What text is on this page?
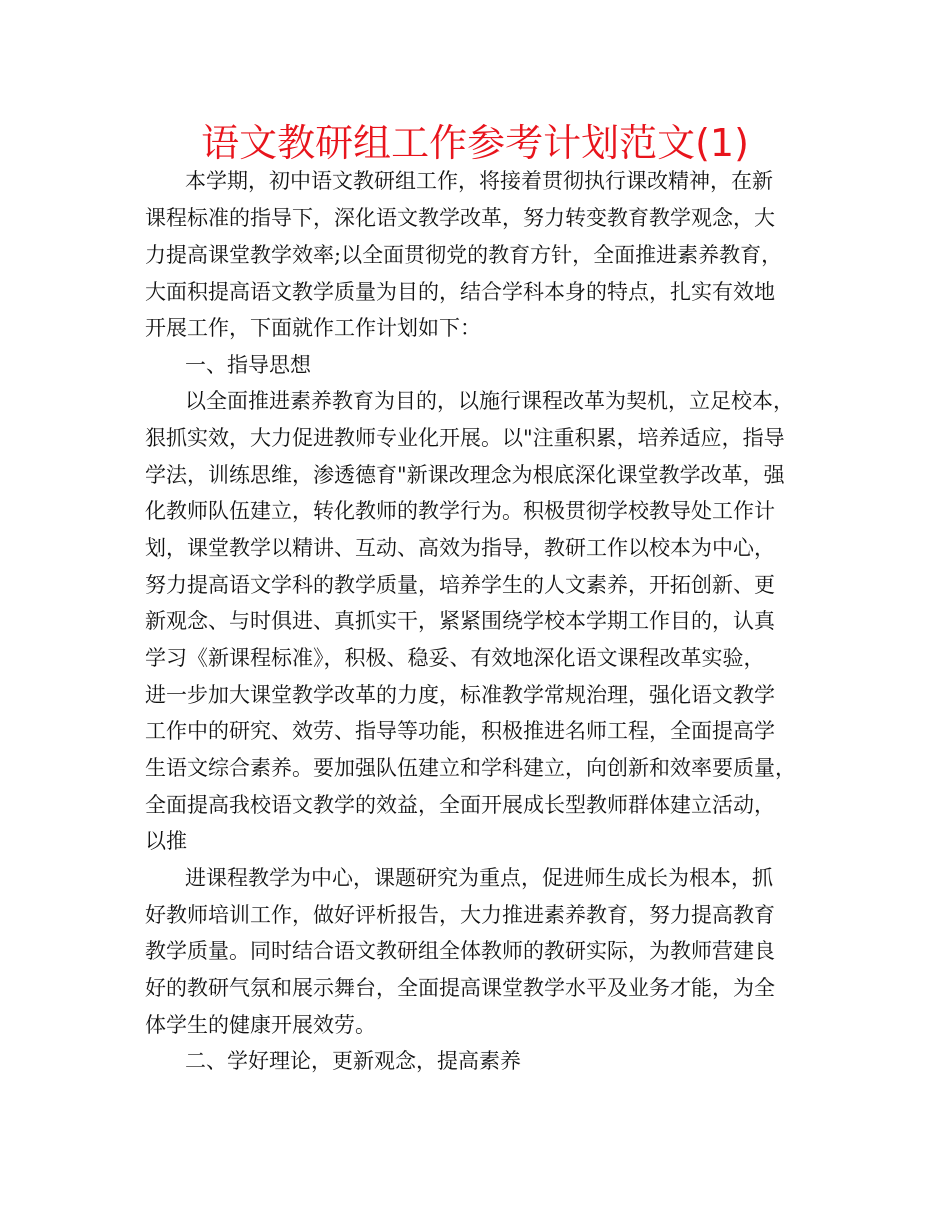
语文教研组工作参考计划范文(1)

本学期，初中语文教研组工作，将接着贯彻执行课改精神，在新

课程标准的指导下，深化语文教学改革，努力转变教育教学观念，大

力提高课堂教学效率;以全面贯彻党的教育方针，全面推进素养教育，

大面积提高语文教学质量为目的，结合学科本身的特点，扎实有效地

开展工作，下面就作工作计划如下：

一、指导思想

以全面推进素养教育为目的，以施行课程改革为契机，立足校本，

狠抓实效，大力促进教师专业化开展。以"注重积累，培养适应，指导

学法，训练思维，渗透德育"新课改理念为根底深化课堂教学改革，强

化教师队伍建立，转化教师的教学行为。积极贯彻学校教导处工作计

划，课堂教学以精讲、互动、高效为指导，教研工作以校本为中心，

努力提高语文学科的教学质量，培养学生的人文素养，开拓创新、更

新观念、与时俱进、真抓实干，紧紧围绕学校本学期工作目的，认真

学习《新课程标准》，积极、稳妥、有效地深化语文课程改革实验，

进一步加大课堂教学改革的力度，标准教学常规治理，强化语文教学

工作中的研究、效劳、指导等功能，积极推进名师工程，全面提高学

生语文综合素养。要加强队伍建立和学科建立，向创新和效率要质量，

全面提高我校语文教学的效益，全面开展成长型教师群体建立活动，

以推

进课程教学为中心，课题研究为重点，促进师生成长为根本，抓

好教师培训工作，做好评析报告，大力推进素养教育，努力提高教育

教学质量。同时结合语文教研组全体教师的教研实际，为教师营建良

好的教研气氛和展示舞台，全面提高课堂教学水平及业务才能，为全

体学生的健康开展效劳。

二、学好理论，更新观念，提高素养
